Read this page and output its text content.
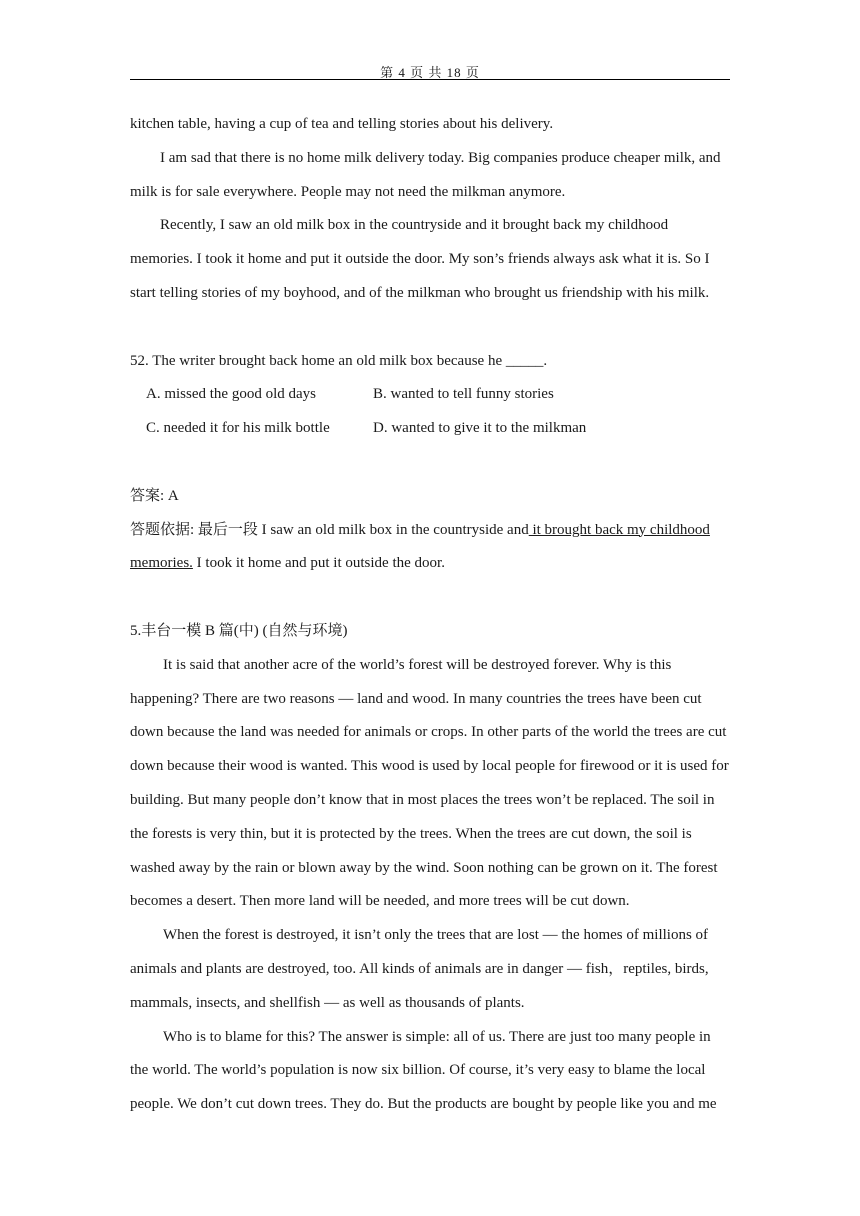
第 4 页 共 18 页

kitchen table, having a cup of tea and telling stories about his delivery.

I am sad that there is no home milk delivery today. Big companies produce cheaper milk, and milk is for sale everywhere. People may not need the milkman anymore.

Recently, I saw an old milk box in the countryside and it brought back my childhood memories. I took it home and put it outside the door. My son’s friends always ask what it is. So I start telling stories of my boyhood, and of the milkman who brought us friendship with his milk.

52. The writer brought back home an old milk box because he _____.

A. missed the good old days	B. wanted to tell funny stories
C. needed it for his milk bottle	D. wanted to give it to the milkman

答案: A

答题依据: 最后一段 I saw an old milk box in the countryside and it brought back my childhood memories. I took it home and put it outside the door.

5.丰台一模 B 篇(中) (自然与环境)

It is said that another acre of the world’s forest will be destroyed forever. Why is this happening? There are two reasons — land and wood. In many countries the trees have been cut down because the land was needed for animals or crops. In other parts of the world the trees are cut down because their wood is wanted. This wood is used by local people for firewood or it is used for building. But many people don’t know that in most places the trees won’t be replaced. The soil in the forests is very thin, but it is protected by the trees. When the trees are cut down, the soil is washed away by the rain or blown away by the wind. Soon nothing can be grown on it. The forest becomes a desert. Then more land will be needed, and more trees will be cut down.

When the forest is destroyed, it isn’t only the trees that are lost — the homes of millions of animals and plants are destroyed, too. All kinds of animals are in danger — fish，reptiles, birds, mammals, insects, and shellfish — as well as thousands of plants.

Who is to blame for this? The answer is simple: all of us. There are just too many people in the world. The world’s population is now six billion. Of course, it’s very easy to blame the local people. We don’t cut down trees. They do. But the products are bought by people like you and me
